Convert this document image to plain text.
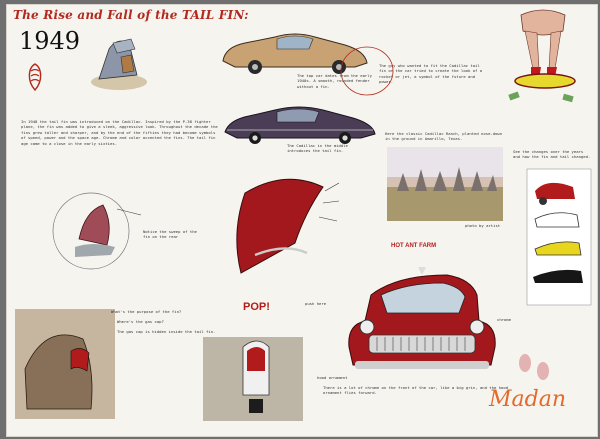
The Rise and Fall of the TAIL FIN:
1949
In 1948 the tail fin was introduced on the Cadillac. Inspired by the P-38 fighter plane, the fin was added to give a sleek, aggressive look. Throughout the decade the fins grew taller and sharper, and by the end of the fifties they had become symbols of speed, power and the space age. Chrome and color accented the fins. The tail fin age came to a close in the early sixties.
The top car dates from the early 1940s. A smooth, rounded fender without a fin.
The Cadillac in the middle introduces the tail fin.
The guy who wanted to fit the Cadillac tail fin on the car tried to create the look of a rocket or jet, a symbol of the future and power.
Here the classic Cadillac Ranch, planted nose-down in the ground in Amarillo, Texas.
photo by artist
Notice the sweep of the fin on the rear
See the changes over the years and how the fin and tail changed.
POP!
What's the purpose of the fin?
Where's the gas cap?
The gas cap is hidden inside the tail fin.
push here
HOT ANT FARM
chrome
There is a lot of chrome on the front of the car, like a big grin, and the hood ornament flies forward.
hood ornament
Madan
